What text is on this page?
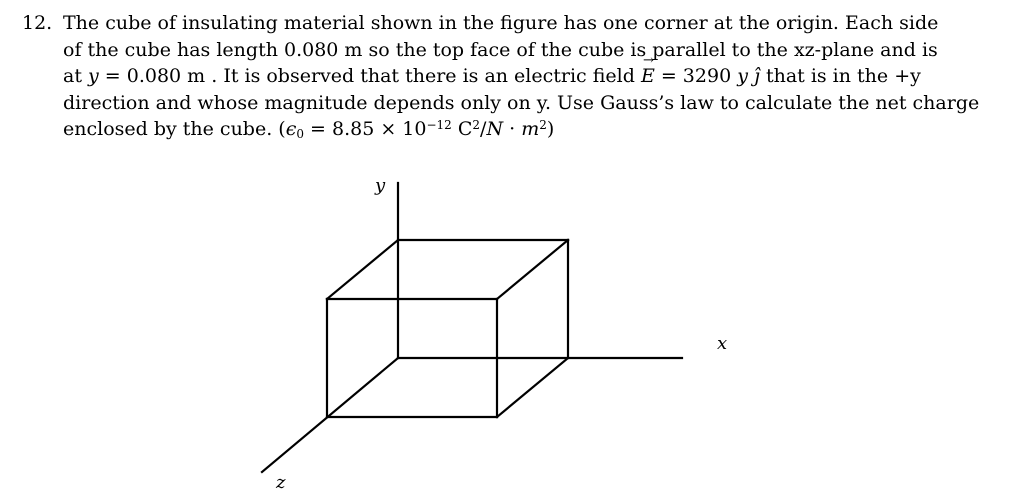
12. The cube of insulating material shown in the figure has one corner at the origin. Each side
of the cube has length 0.080 m so the top face of the cube is parallel to the xz-plane and is
at y = 0.080 m . It is observed that there is an electric field → E = 3290 y ĵ that is in the +y
direction and whose magnitude depends only on y. Use Gauss’s law to calculate the net charge
enclosed by the cube. ($\epsilon_0 = 8.85 \times 10^{-12}$ $C^2/N \cdot m^2$)
y
x
z
